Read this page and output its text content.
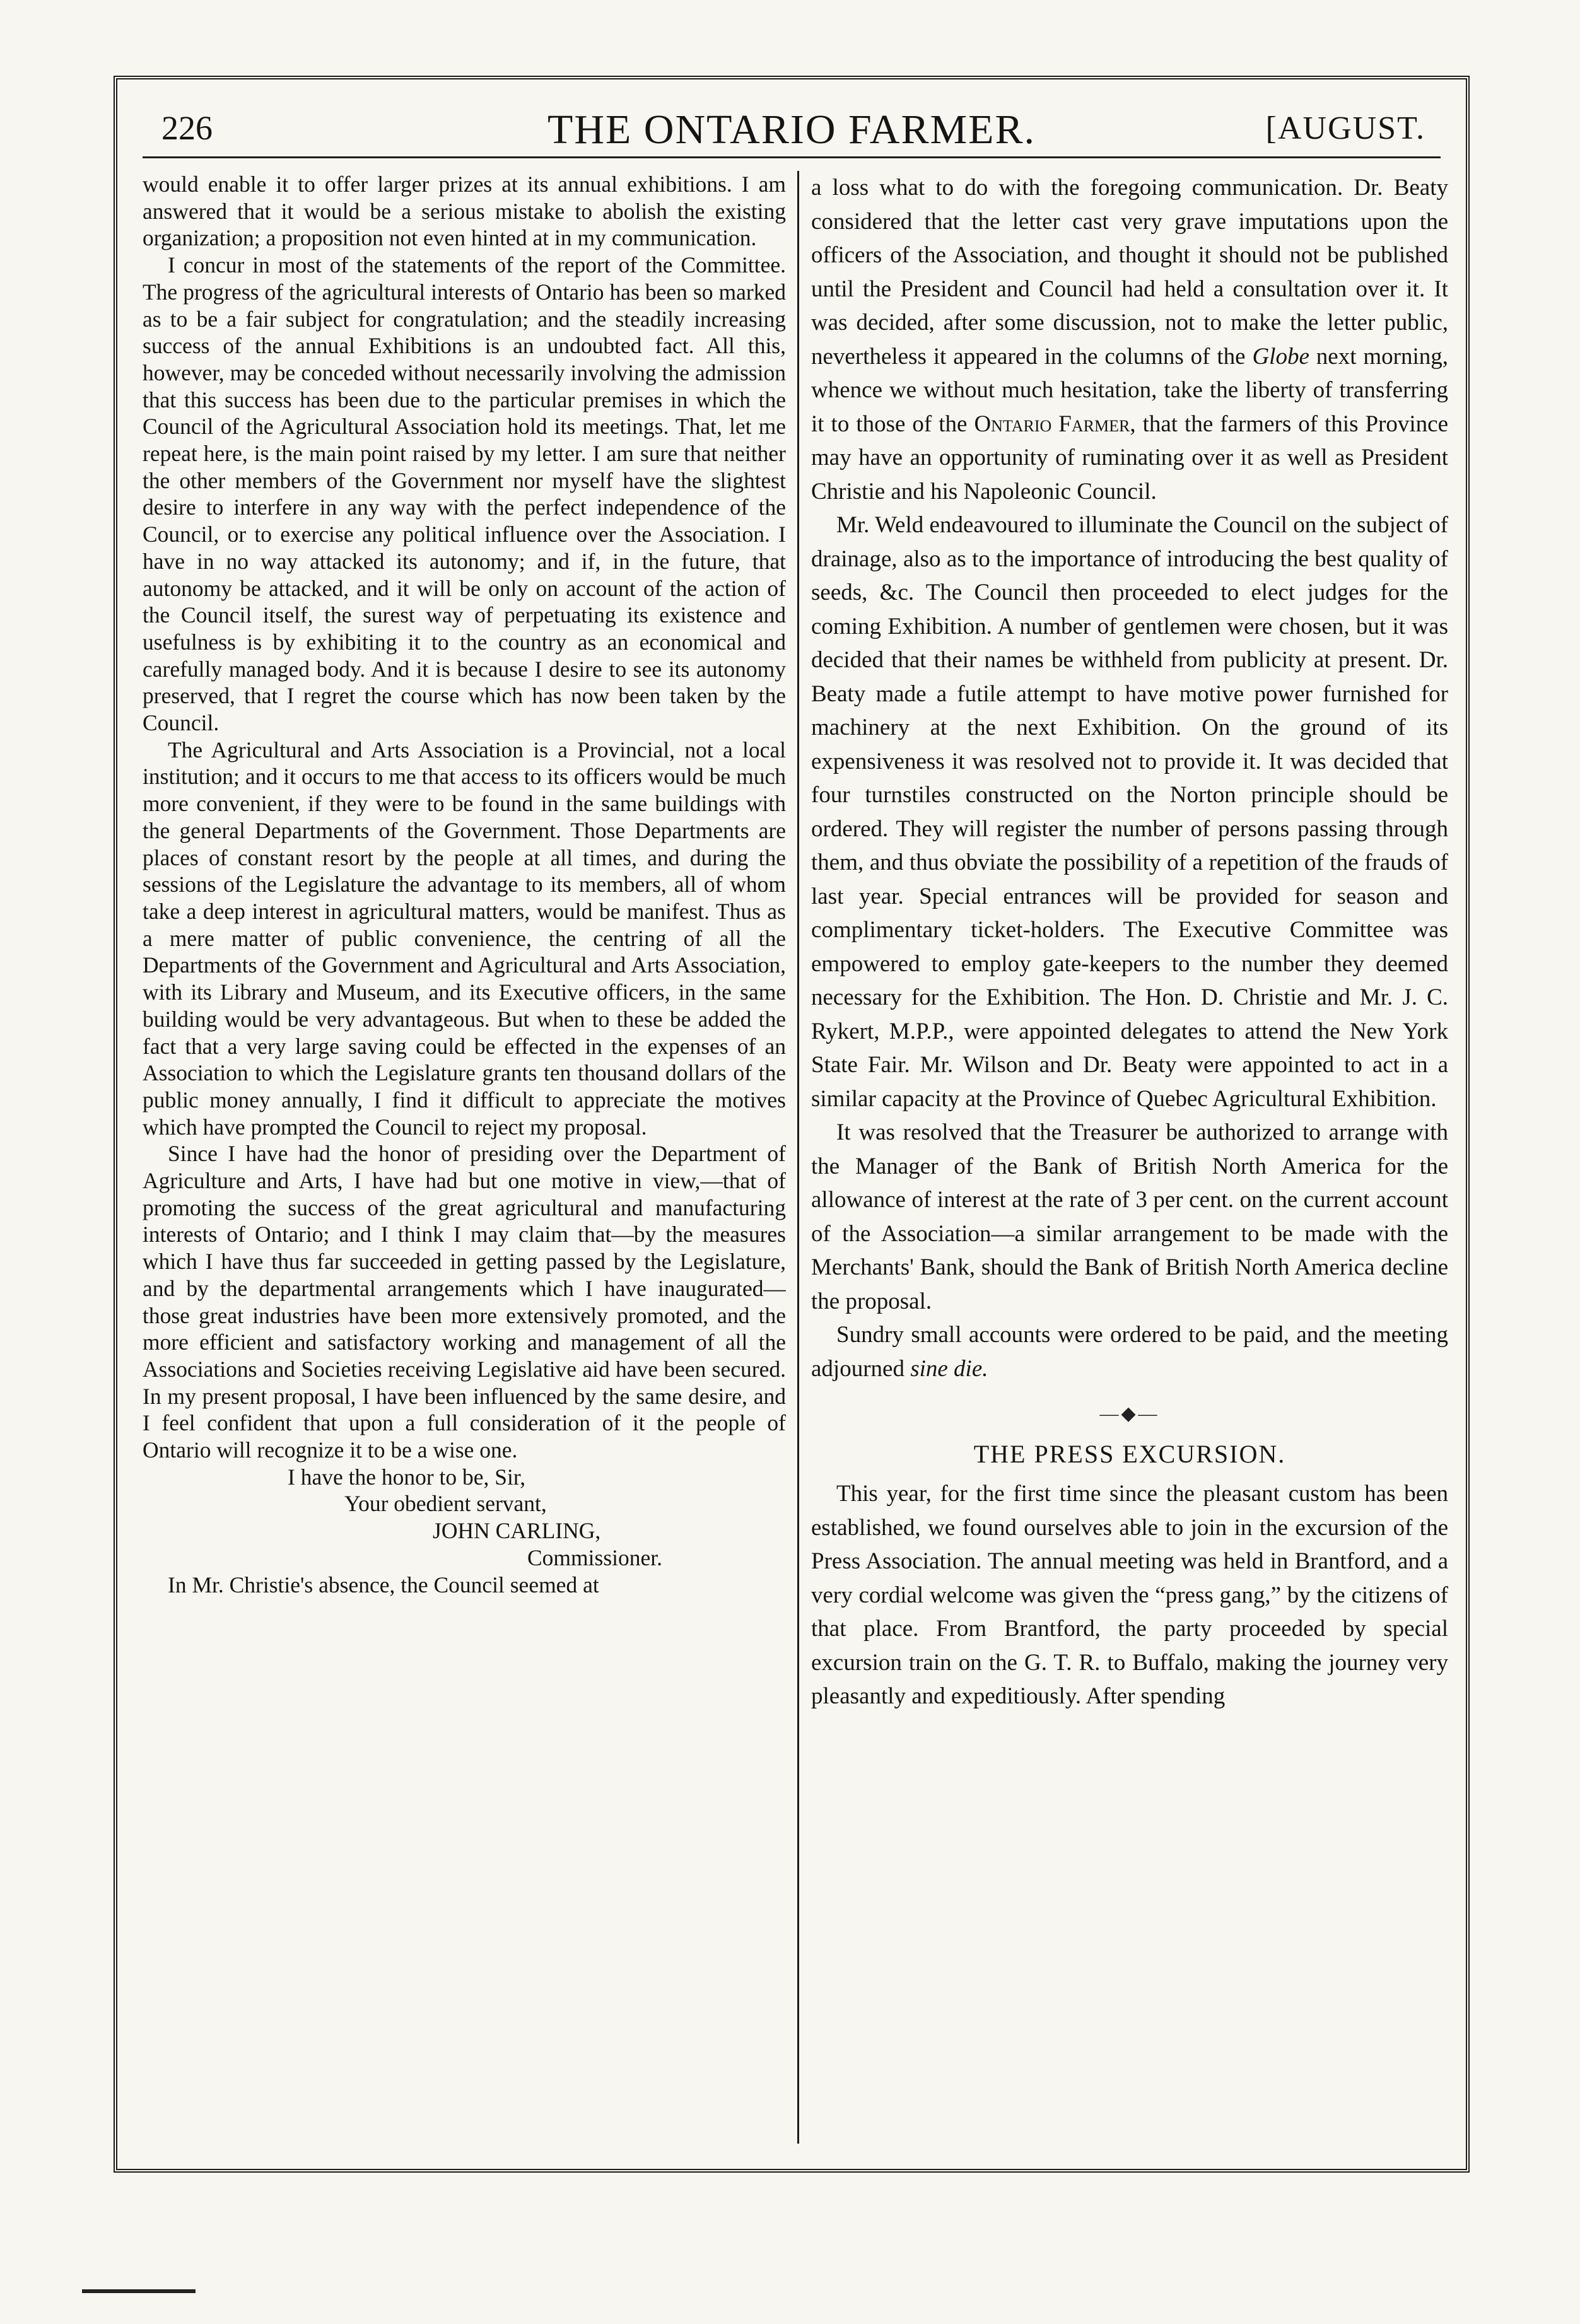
226	THE ONTARIO FARMER.	[AUGUST.

would enable it to offer larger prizes at its annual exhibitions. I am answered that it would be a serious mistake to abolish the existing organization; a proposition not even hinted at in my communication.

I concur in most of the statements of the report of the Committee. The progress of the agricultural interests of Ontario has been so marked as to be a fair subject for congratulation; and the steadily increasing success of the annual Exhibitions is an undoubted fact. All this, however, may be conceded without necessarily involving the admission that this success has been due to the particular premises in which the Council of the Agricultural Association hold its meetings. That, let me repeat here, is the main point raised by my letter. I am sure that neither the other members of the Government nor myself have the slightest desire to interfere in any way with the perfect independence of the Council, or to exercise any political influence over the Association. I have in no way attacked its autonomy; and if, in the future, that autonomy be attacked, and it will be only on account of the action of the Council itself, the surest way of perpetuating its existence and usefulness is by exhibiting it to the country as an economical and carefully managed body. And it is because I desire to see its autonomy preserved, that I regret the course which has now been taken by the Council.

The Agricultural and Arts Association is a Provincial, not a local institution; and it occurs to me that access to its officers would be much more convenient, if they were to be found in the same buildings with the general Departments of the Government. Those Departments are places of constant resort by the people at all times, and during the sessions of the Legislature the advantage to its members, all of whom take a deep interest in agricultural matters, would be manifest. Thus as a mere matter of public convenience, the centring of all the Departments of the Government and Agricultural and Arts Association, with its Library and Museum, and its Executive officers, in the same building would be very advantageous. But when to these be added the fact that a very large saving could be effected in the expenses of an Association to which the Legislature grants ten thousand dollars of the public money annually, I find it difficult to appreciate the motives which have prompted the Council to reject my proposal.

Since I have had the honor of presiding over the Department of Agriculture and Arts, I have had but one motive in view,—that of promoting the success of the great agricultural and manufacturing interests of Ontario; and I think I may claim that—by the measures which I have thus far succeeded in getting passed by the Legislature, and by the departmental arrangements which I have inaugurated—those great industries have been more extensively promoted, and the more efficient and satisfactory working and management of all the Associations and Societies receiving Legislative aid have been secured. In my present proposal, I have been influenced by the same desire, and I feel confident that upon a full consideration of it the people of Ontario will recognize it to be a wise one.

I have the honor to be, Sir,

Your obedient servant,

JOHN CARLING,

Commissioner.

In Mr. Christie's absence, the Council seemed at

a loss what to do with the foregoing communication. Dr. Beaty considered that the letter cast very grave imputations upon the officers of the Association, and thought it should not be published until the President and Council had held a consultation over it. It was decided, after some discussion, not to make the letter public, nevertheless it appeared in the columns of the Globe next morning, whence we without much hesitation, take the liberty of transferring it to those of the Ontario Farmer, that the farmers of this Province may have an opportunity of ruminating over it as well as President Christie and his Napoleonic Council.

Mr. Weld endeavoured to illuminate the Council on the subject of drainage, also as to the importance of introducing the best quality of seeds, &c. The Council then proceeded to elect judges for the coming Exhibition. A number of gentlemen were chosen, but it was decided that their names be withheld from publicity at present. Dr. Beaty made a futile attempt to have motive power furnished for machinery at the next Exhibition. On the ground of its expensiveness it was resolved not to provide it. It was decided that four turnstiles constructed on the Norton principle should be ordered. They will register the number of persons passing through them, and thus obviate the possibility of a repetition of the frauds of last year. Special entrances will be provided for season and complimentary ticket-holders. The Executive Committee was empowered to employ gate-keepers to the number they deemed necessary for the Exhibition. The Hon. D. Christie and Mr. J. C. Rykert, M.P.P., were appointed delegates to attend the New York State Fair. Mr. Wilson and Dr. Beaty were appointed to act in a similar capacity at the Province of Quebec Agricultural Exhibition.

It was resolved that the Treasurer be authorized to arrange with the Manager of the Bank of British North America for the allowance of interest at the rate of 3 per cent. on the current account of the Association—a similar arrangement to be made with the Merchants' Bank, should the Bank of British North America decline the proposal.

Sundry small accounts were ordered to be paid, and the meeting adjourned sine die.

―◆―
THE PRESS EXCURSION.

This year, for the first time since the pleasant custom has been established, we found ourselves able to join in the excursion of the Press Association. The annual meeting was held in Brantford, and a very cordial welcome was given the “press gang,” by the citizens of that place. From Brantford, the party proceeded by special excursion train on the G. T. R. to Buffalo, making the journey very pleasantly and expeditiously. After spending
